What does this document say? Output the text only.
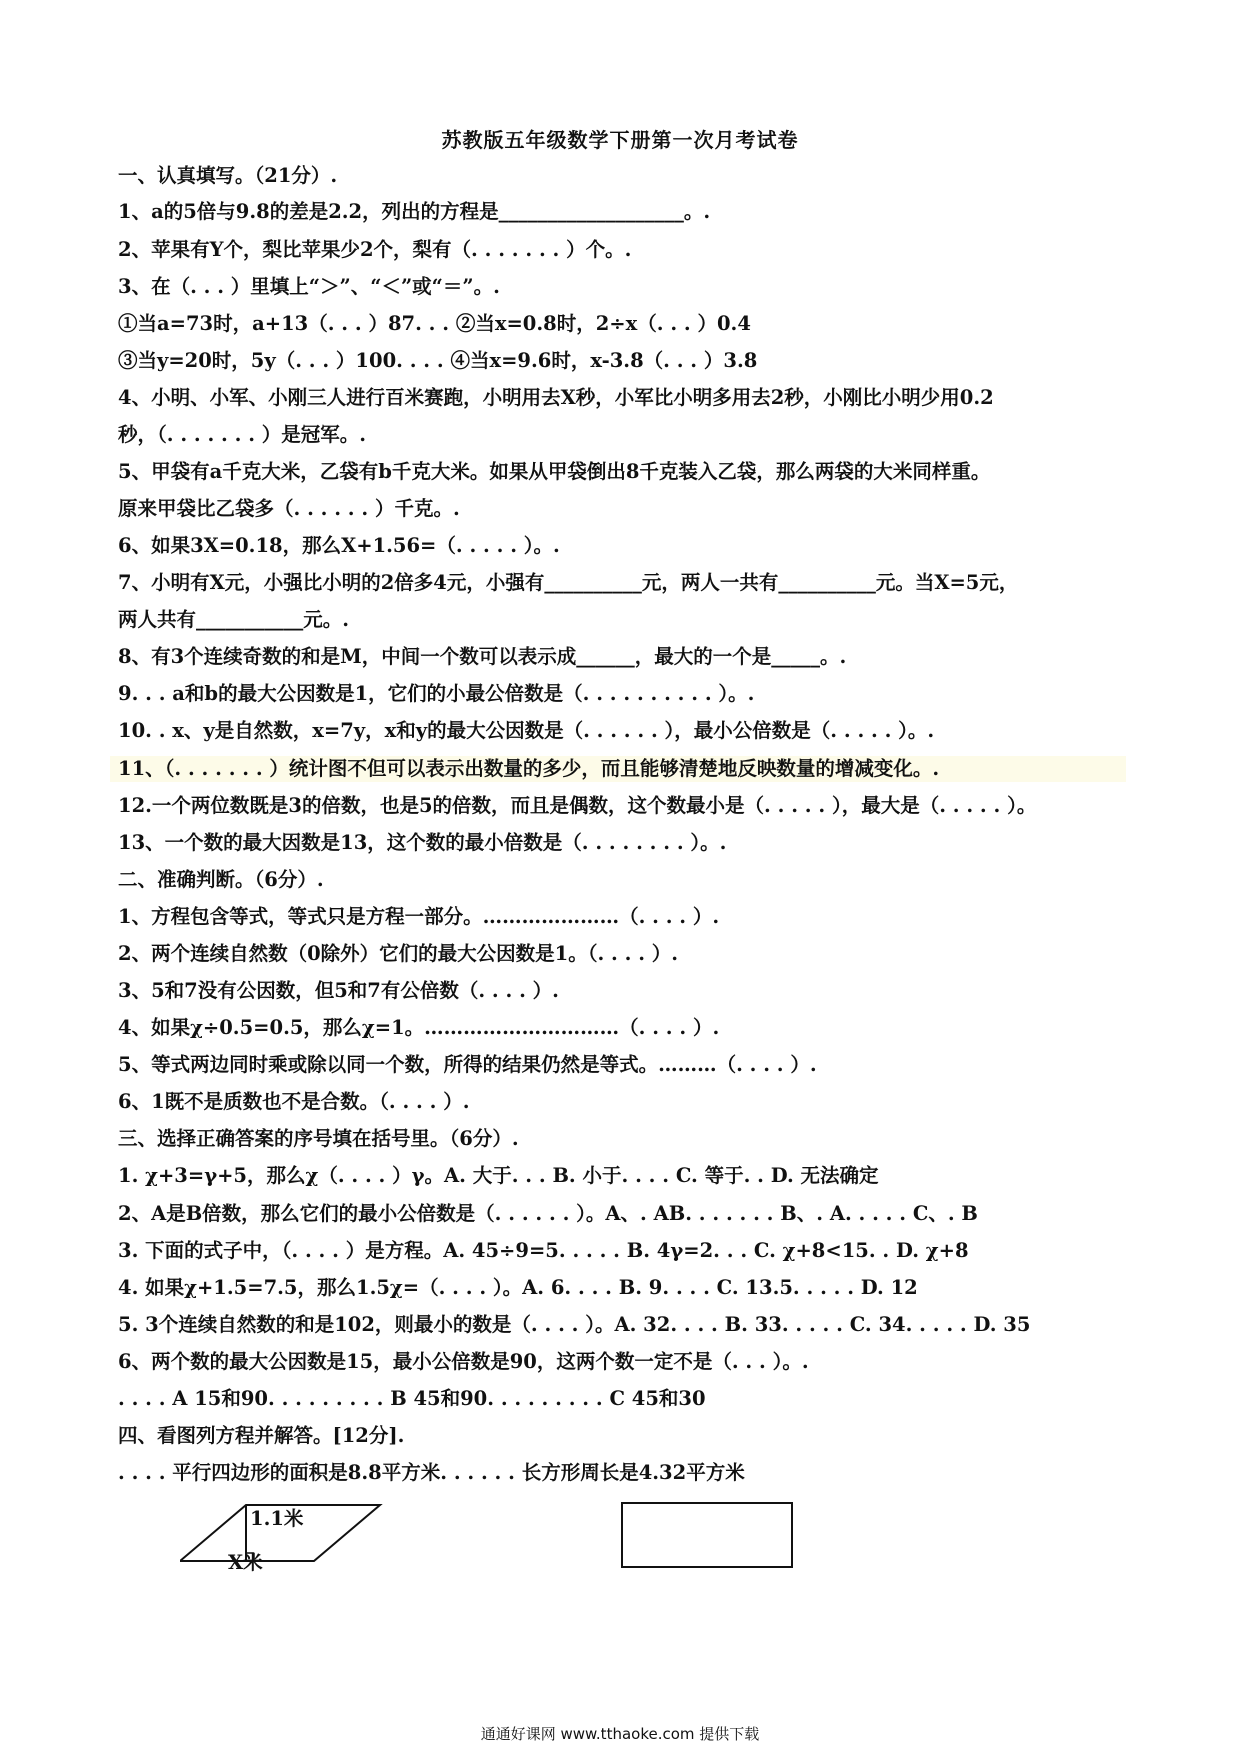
苏教版五年级数学下册第一次月考试卷
一、认真填写。（21分）.
1、a的5倍与9.8的差是2.2，列出的方程是___________________。.
2、苹果有Y个，梨比苹果少2个，梨有（. . . . . . . ）个。.
3、在（. . . ）里填上“＞”、“＜”或“＝”。.
①当a=73时，a+13（. . . ）87. . . ②当x=0.8时，2÷x（. . . ）0.4
③当y=20时，5y（. . . ）100. . . . ④当x=9.6时，x-3.8（. . . ）3.8
4、小明、小军、小刚三人进行百米赛跑，小明用去X秒，小军比小明多用去2秒，小刚比小明少用0.2
秒，（. . . . . . . ）是冠军。.
5、甲袋有a千克大米，乙袋有b千克大米。如果从甲袋倒出8千克装入乙袋，那么两袋的大米同样重。
原来甲袋比乙袋多（. . . . . . ）千克。.
6、如果3X=0.18，那么X+1.56=（. . . . . ）。.
7、小明有X元，小强比小明的2倍多4元，小强有__________元，两人一共有__________元。当X=5元，
两人共有___________元。.
8、有3个连续奇数的和是M，中间一个数可以表示成______，最大的一个是_____。.
9. . . a和b的最大公因数是1，它们的小最公倍数是（. . . . . . . . . . ）。.
10. . x、y是自然数，x=7y，x和y的最大公因数是（. . . . . . ），最小公倍数是（. . . . . ）。.
11、（. . . . . . . ）统计图不但可以表示出数量的多少，而且能够清楚地反映数量的增减变化。.
12.一个两位数既是3的倍数，也是5的倍数，而且是偶数，这个数最小是（. . . . . ），最大是（. . . . . ）。
13、一个数的最大因数是13，这个数的最小倍数是（. . . . . . . . ）。.
二、准确判断。（6分）.
1、方程包含等式，等式只是方程一部分。…………………（. . . . ）.
2、两个连续自然数（0除外）它们的最大公因数是1。（. . . . ）.
3、5和7没有公因数，但5和7有公倍数（. . . . ）.
4、如果χ÷0.5=0.5，那么χ=1。…………………………（. . . . ）.
5、等式两边同时乘或除以同一个数，所得的结果仍然是等式。………（. . . . ）.
6、1既不是质数也不是合数。（. . . . ）.
三、选择正确答案的序号填在括号里。（6分）.
1. χ+3=γ+5，那么χ（. . . . ）γ。A. 大于. . . B. 小于. . . . C. 等于. . D. 无法确定
2、A是B倍数，那么它们的最小公倍数是（. . . . . . ）。A、. AB. . . . . . . B、. A. . . . . C、. B
3. 下面的式子中，（. . . . ）是方程。A. 45÷9=5. . . . . B. 4γ=2. . . C. χ+8<15. . D. χ+8
4. 如果χ+1.5=7.5，那么1.5χ=（. . . . ）。A. 6. . . . B. 9. . . . C. 13.5. . . . . D. 12
5. 3个连续自然数的和是102，则最小的数是（. . . . ）。A. 32. . . . B. 33. . . . . C. 34. . . . . D. 35
6、两个数的最大公因数是15，最小公倍数是90，这两个数一定不是（. . . ）。.
. . . . A 15和90. . . . . . . . . B 45和90. . . . . . . . . C 45和30
四、看图列方程并解答。[12分].
. . . . 平行四边形的面积是8.8平方米. . . . . . 长方形周长是4.32平方米
1.1米
X米
通通好课网 www.tthaoke.com 提供下载
